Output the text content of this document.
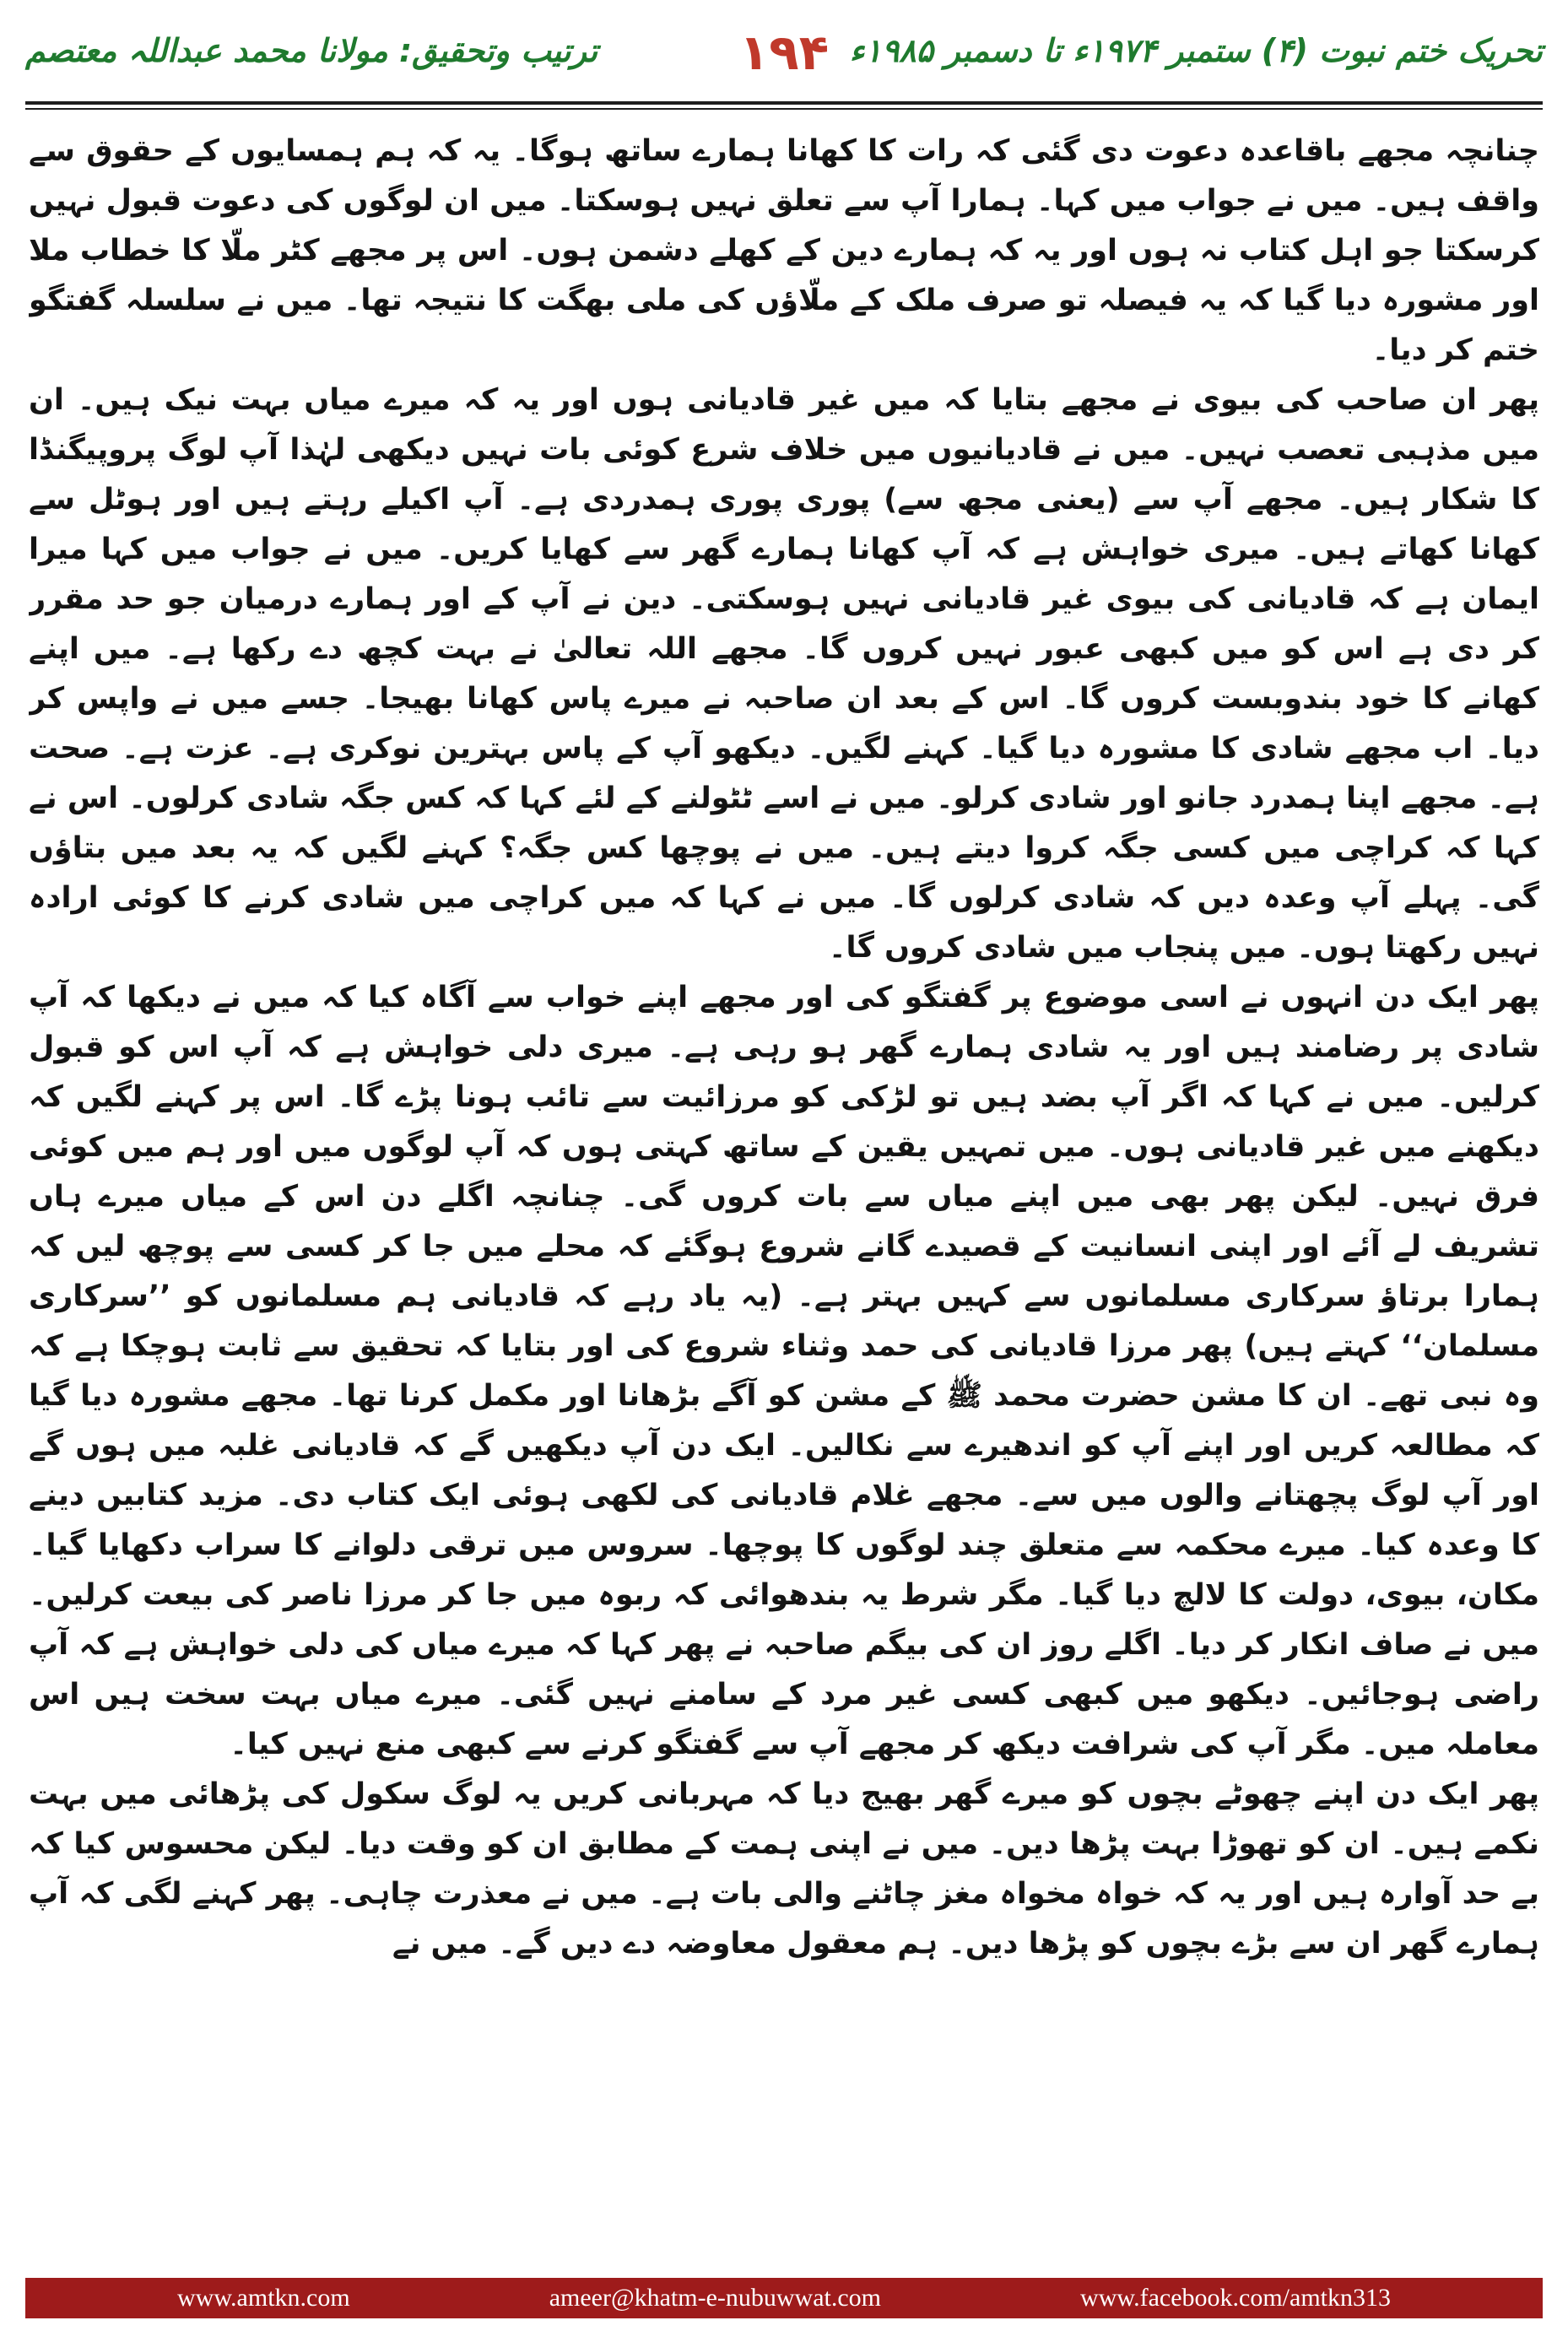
ترتیب وتحقیق: مولانا محمد عبداللہ معتصم	۱۹۴ تحریک ختم نبوت (۴) ستمبر ۱۹۷۴ء تا دسمبر ۱۹۸۵ء

چنانچہ مجھے باقاعدہ دعوت دی گئی کہ رات کا کھانا ہمارے ساتھ ہوگا۔ یہ کہ ہم ہمسایوں کے حقوق سے واقف ہیں۔ میں نے جواب میں کہا۔ ہمارا آپ سے تعلق نہیں ہوسکتا۔ میں ان لوگوں کی دعوت قبول نہیں کرسکتا جو اہل کتاب نہ ہوں اور یہ کہ ہمارے دین کے کھلے دشمن ہوں۔ اس پر مجھے کٹر ملّا کا خطاب ملا اور مشورہ دیا گیا کہ یہ فیصلہ تو صرف ملک کے ملّاؤں کی ملی بھگت کا نتیجہ تھا۔ میں نے سلسلہ گفتگو ختم کر دیا۔

پھر ان صاحب کی بیوی نے مجھے بتایا کہ میں غیر قادیانی ہوں اور یہ کہ میرے میاں بہت نیک ہیں۔ ان میں مذہبی تعصب نہیں۔ میں نے قادیانیوں میں خلاف شرع کوئی بات نہیں دیکھی لہٰذا آپ لوگ پروپیگنڈا کا شکار ہیں۔ مجھے آپ سے (یعنی مجھ سے) پوری پوری ہمدردی ہے۔ آپ اکیلے رہتے ہیں اور ہوٹل سے کھانا کھاتے ہیں۔ میری خواہش ہے کہ آپ کھانا ہمارے گھر سے کھایا کریں۔ میں نے جواب میں کہا میرا ایمان ہے کہ قادیانی کی بیوی غیر قادیانی نہیں ہوسکتی۔ دین نے آپ کے اور ہمارے درمیان جو حد مقرر کر دی ہے اس کو میں کبھی عبور نہیں کروں گا۔ مجھے اللہ تعالیٰ نے بہت کچھ دے رکھا ہے۔ میں اپنے کھانے کا خود بندوبست کروں گا۔ اس کے بعد ان صاحبہ نے میرے پاس کھانا بھیجا۔ جسے میں نے واپس کر دیا۔ اب مجھے شادی کا مشورہ دیا گیا۔ کہنے لگیں۔ دیکھو آپ کے پاس بہترین نوکری ہے۔ عزت ہے۔ صحت ہے۔ مجھے اپنا ہمدرد جانو اور شادی کرلو۔ میں نے اسے ٹٹولنے کے لئے کہا کہ کس جگہ شادی کرلوں۔ اس نے کہا کہ کراچی میں کسی جگہ کروا دیتے ہیں۔ میں نے پوچھا کس جگہ؟ کہنے لگیں کہ یہ بعد میں بتاؤں گی۔ پہلے آپ وعدہ دیں کہ شادی کرلوں گا۔ میں نے کہا کہ میں کراچی میں شادی کرنے کا کوئی ارادہ نہیں رکھتا ہوں۔ میں پنجاب میں شادی کروں گا۔

پھر ایک دن انہوں نے اسی موضوع پر گفتگو کی اور مجھے اپنے خواب سے آگاہ کیا کہ میں نے دیکھا کہ آپ شادی پر رضامند ہیں اور یہ شادی ہمارے گھر ہو رہی ہے۔ میری دلی خواہش ہے کہ آپ اس کو قبول کرلیں۔ میں نے کہا کہ اگر آپ بضد ہیں تو لڑکی کو مرزائیت سے تائب ہونا پڑے گا۔ اس پر کہنے لگیں کہ دیکھنے میں غیر قادیانی ہوں۔ میں تمہیں یقین کے ساتھ کہتی ہوں کہ آپ لوگوں میں اور ہم میں کوئی فرق نہیں۔ لیکن پھر بھی میں اپنے میاں سے بات کروں گی۔ چنانچہ اگلے دن اس کے میاں میرے ہاں تشریف لے آئے اور اپنی انسانیت کے قصیدے گانے شروع ہوگئے کہ محلے میں جا کر کسی سے پوچھ لیں کہ ہمارا برتاؤ سرکاری مسلمانوں سے کہیں بہتر ہے۔ (یہ یاد رہے کہ قادیانی ہم مسلمانوں کو ’’سرکاری مسلمان‘‘ کہتے ہیں) پھر مرزا قادیانی کی حمد وثناء شروع کی اور بتایا کہ تحقیق سے ثابت ہوچکا ہے کہ وہ نبی تھے۔ ان کا مشن حضرت محمد ﷺ کے مشن کو آگے بڑھانا اور مکمل کرنا تھا۔ مجھے مشورہ دیا گیا کہ مطالعہ کریں اور اپنے آپ کو اندھیرے سے نکالیں۔ ایک دن آپ دیکھیں گے کہ قادیانی غلبہ میں ہوں گے اور آپ لوگ پچھتانے والوں میں سے۔ مجھے غلام قادیانی کی لکھی ہوئی ایک کتاب دی۔ مزید کتابیں دینے کا وعدہ کیا۔ میرے محکمہ سے متعلق چند لوگوں کا پوچھا۔ سروس میں ترقی دلوانے کا سراب دکھایا گیا۔ مکان، بیوی، دولت کا لالچ دیا گیا۔ مگر شرط یہ بندھوائی کہ ربوہ میں جا کر مرزا ناصر کی بیعت کرلیں۔ میں نے صاف انکار کر دیا۔ اگلے روز ان کی بیگم صاحبہ نے پھر کہا کہ میرے میاں کی دلی خواہش ہے کہ آپ راضی ہوجائیں۔ دیکھو میں کبھی کسی غیر مرد کے سامنے نہیں گئی۔ میرے میاں بہت سخت ہیں اس معاملہ میں۔ مگر آپ کی شرافت دیکھ کر مجھے آپ سے گفتگو کرنے سے کبھی منع نہیں کیا۔

پھر ایک دن اپنے چھوٹے بچوں کو میرے گھر بھیج دیا کہ مہربانی کریں یہ لوگ سکول کی پڑھائی میں بہت نکمے ہیں۔ ان کو تھوڑا بہت پڑھا دیں۔ میں نے اپنی ہمت کے مطابق ان کو وقت دیا۔ لیکن محسوس کیا کہ بے حد آوارہ ہیں اور یہ کہ خواہ مخواہ مغز چاٹنے والی بات ہے۔ میں نے معذرت چاہی۔ پھر کہنے لگی کہ آپ ہمارے گھر ان سے بڑے بچوں کو پڑھا دیں۔ ہم معقول معاوضہ دے دیں گے۔ میں نے

www.amtkn.com	ameer@khatm-e-nubuwwat.com	www.facebook.com/amtkn313
